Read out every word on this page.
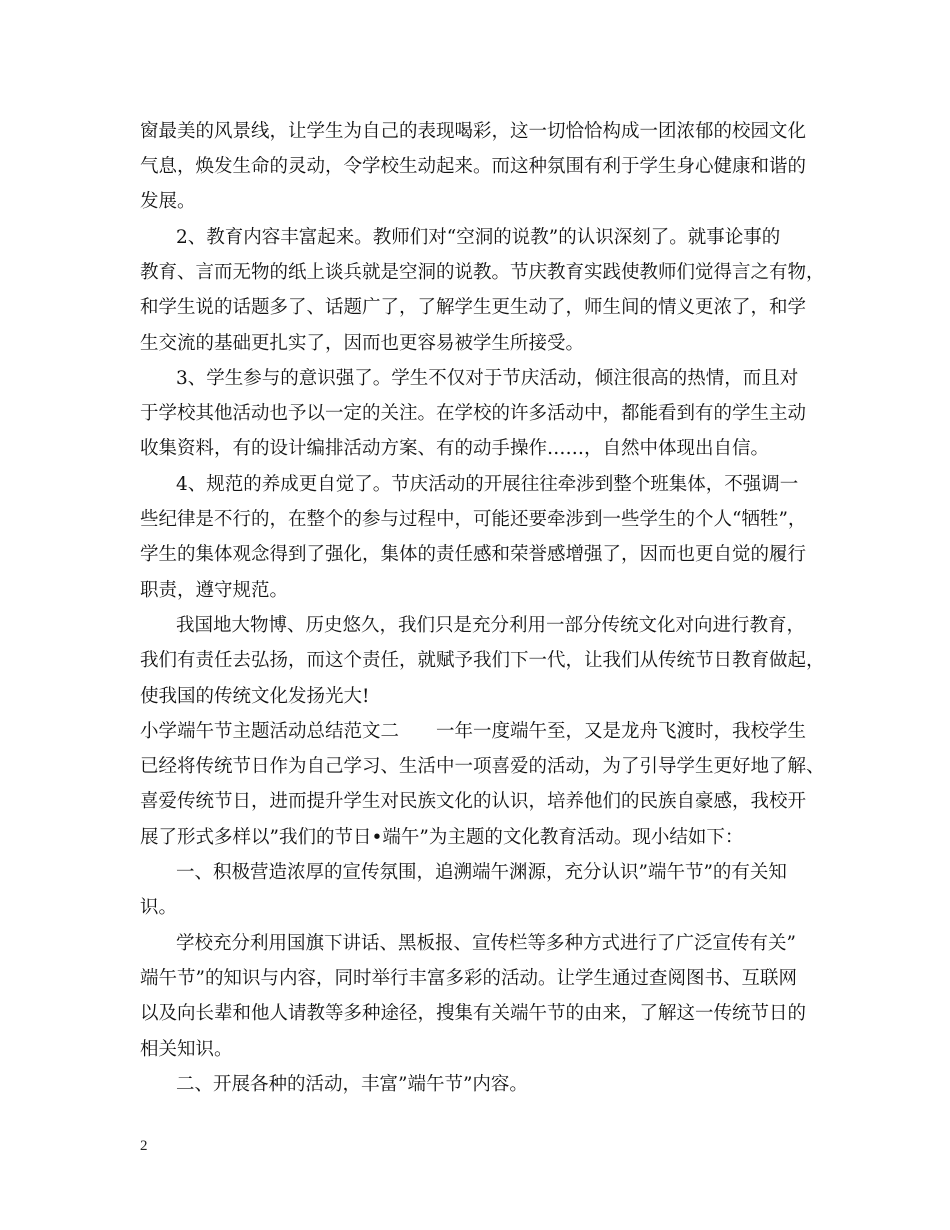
窗最美的风景线，让学生为自己的表现喝彩，这一切恰恰构成一团浓郁的校园文化
气息，焕发生命的灵动，令学校生动起来。而这种氛围有利于学生身心健康和谐的
发展。
2、教育内容丰富起来。教师们对“空洞的说教”的认识深刻了。就事论事的
教育、言而无物的纸上谈兵就是空洞的说教。节庆教育实践使教师们觉得言之有物，
和学生说的话题多了、话题广了，了解学生更生动了，师生间的情义更浓了，和学
生交流的基础更扎实了，因而也更容易被学生所接受。
3、学生参与的意识强了。学生不仅对于节庆活动，倾注很高的热情，而且对
于学校其他活动也予以一定的关注。在学校的许多活动中，都能看到有的学生主动
收集资料，有的设计编排活动方案、有的动手操作……，自然中体现出自信。
4、规范的养成更自觉了。节庆活动的开展往往牵涉到整个班集体，不强调一
些纪律是不行的，在整个的参与过程中，可能还要牵涉到一些学生的个人“牺牲”，
学生的集体观念得到了强化，集体的责任感和荣誉感增强了，因而也更自觉的履行
职责，遵守规范。
我国地大物博、历史悠久，我们只是充分利用一部分传统文化对向进行教育，
我们有责任去弘扬，而这个责任，就赋予我们下一代，让我们从传统节日教育做起，
使我国的传统文化发扬光大!
小学端午节主题活动总结范文二　　一年一度端午至，又是龙舟飞渡时，我校学生
已经将传统节日作为自己学习、生活中一项喜爱的活动，为了引导学生更好地了解、
喜爱传统节日，进而提升学生对民族文化的认识，培养他们的民族自豪感，我校开
展了形式多样以”我们的节日•端午”为主题的文化教育活动。现小结如下：
一、积极营造浓厚的宣传氛围，追溯端午渊源，充分认识”端午节”的有关知
识。
学校充分利用国旗下讲话、黑板报、宣传栏等多种方式进行了广泛宣传有关”
端午节”的知识与内容，同时举行丰富多彩的活动。让学生通过查阅图书、互联网
以及向长辈和他人请教等多种途径，搜集有关端午节的由来，了解这一传统节日的
相关知识。
二、开展各种的活动，丰富”端午节”内容。
2
